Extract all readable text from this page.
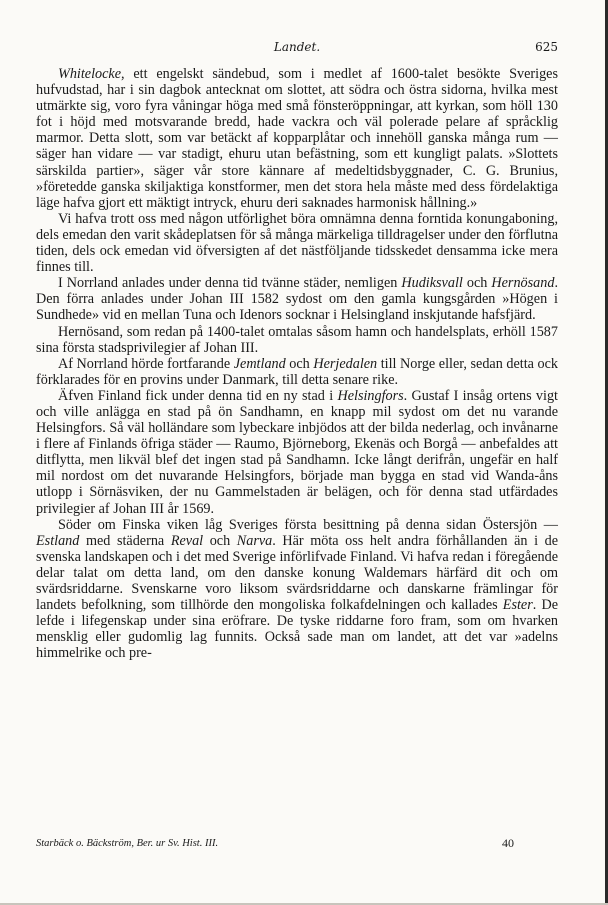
Landet.	625

Whitelocke, ett engelskt sändebud, som i medlet af 1600-talet besökte Sveriges hufvudstad, har i sin dagbok antecknat om slottet, att södra och östra sidorna, hvilka mest utmärkte sig, voro fyra våningar höga med små fönsteröppningar, att kyrkan, som höll 130 fot i höjd med motsvarande bredd, hade vackra och väl polerade pelare af språcklig marmor. Detta slott, som var betäckt af kopparplåtar och innehöll ganska många rum — säger han vidare — var stadigt, ehuru utan befästning, som ett kungligt palats. »Slottets särskilda partier», säger vår store kännare af medeltidsbyggnader, C. G. Brunius, »företedde ganska skiljaktiga konstformer, men det stora hela måste med dess fördelaktiga läge hafva gjort ett mäktigt intryck, ehuru deri saknades harmonisk hållning.»

Vi hafva trott oss med någon utförlighet böra omnämna denna forntida konungaboning, dels emedan den varit skådeplatsen för så många märkeliga tilldragelser under den förflutna tiden, dels ock emedan vid öfversigten af det nästföljande tidsskedet densamma icke mera finnes till.

I Norrland anlades under denna tid tvänne städer, nemligen Hudiksvall och Hernösand. Den förra anlades under Johan III 1582 sydost om den gamla kungsgården »Högen i Sundhede» vid en mellan Tuna och Idenors socknar i Helsingland inskjutande hafsfjärd.

Hernösand, som redan på 1400-talet omtalas såsom hamn och handelsplats, erhöll 1587 sina första stadsprivilegier af Johan III.

Af Norrland hörde fortfarande Jemtland och Herjedalen till Norge eller, sedan detta ock förklarades för en provins under Danmark, till detta senare rike.

Äfven Finland fick under denna tid en ny stad i Helsingfors. Gustaf I insåg ortens vigt och ville anlägga en stad på ön Sandhamn, en knapp mil sydost om det nu varande Helsingfors. Så väl holländare som lybeckare inbjödos att der bilda nederlag, och invånarne i flere af Finlands öfriga städer — Raumo, Björneborg, Ekenäs och Borgå — anbefaldes att ditflytta, men likväl blef det ingen stad på Sandhamn. Icke långt derifrån, ungefär en half mil nordost om det nuvarande Helsingfors, började man bygga en stad vid Wanda-åns utlopp i Sörnäsviken, der nu Gammelstaden är belägen, och för denna stad utfärdades privilegier af Johan III år 1569.

Söder om Finska viken låg Sveriges första besittning på denna sidan Östersjön — Estland med städerna Reval och Narva. Här möta oss helt andra förhållanden än i de svenska landskapen och i det med Sverige införlifvade Finland. Vi hafva redan i föregående delar talat om detta land, om den danske konung Waldemars härfärd dit och om svärdsriddarne. Svenskarne voro liksom svärdsriddarne och danskarne främlingar för landets befolkning, som tillhörde den mongoliska folkafdelningen och kallades Ester. De lefde i lifegenskap under sina eröfrare. De tyske riddarne foro fram, som om hvarken mensklig eller gudomlig lag funnits. Också sade man om landet, att det var »adelns himmelrike och pre-

Starbäck o. Bäckström, Ber. ur Sv. Hist. III.	40
